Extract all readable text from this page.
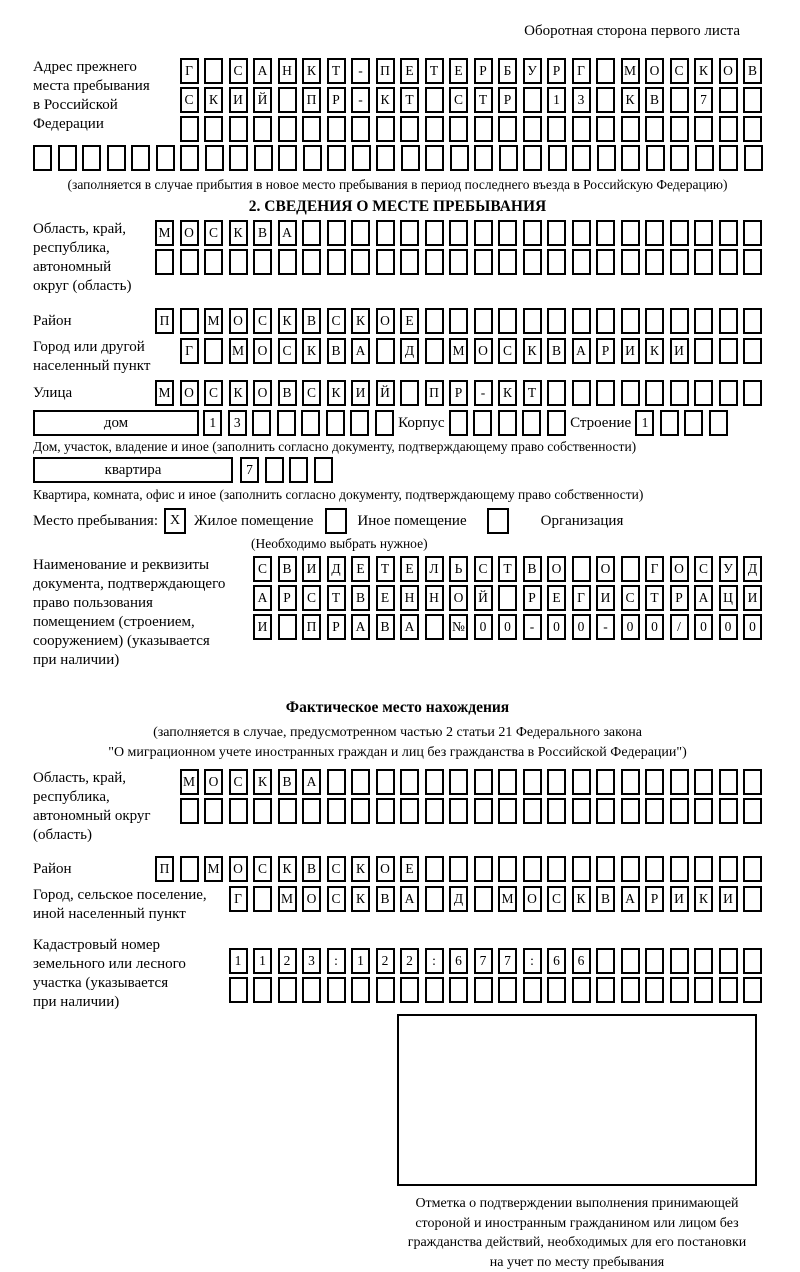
Оборотная сторона первого листа
Адрес прежнего
места пребывания
в Российской
Федерации
Г	С	А	Н	К	Т	-	П	Е	Т	Е	Р	Б	У	Р	Г	М	О	С	К	О	В
С	К	И	Й	П	Р	-	К	Т	С	Т	Р	1	3	К	В	7
(заполняется в случае прибытия в новое место пребывания в период последнего въезда в Российскую Федерацию)
2. СВЕДЕНИЯ О МЕСТЕ ПРЕБЫВАНИЯ
Область, край,
республика,
автономный
округ (область)
М	О	С	К	В	А
Район	П	М	О	С	К	В	С	К	О	Е
Город или другой
населенный пункт
Г	М	О	С	К	В	А	Д	М	О	С	К	В	А	Р	И	К	И
Улица	М	О	С	К	О	В	С	К	И	Й	П	Р	-	К	Т
дом	1	3	Корпус	Строение 1
Дом, участок, владение и иное (заполнить согласно документу, подтверждающему право собственности)
квартира	7
Квартира, комната, офис и иное (заполнить согласно документу, подтверждающему право собственности)
Место пребывания: X Жилое помещение	Иное помещение	Организация
(Необходимо выбрать нужное)
Наименование и реквизиты
документа, подтверждающего
право пользования
помещением (строением,
сооружением) (указывается
при наличии)
С	В	И	Д	Е	Т	Е	Л	Ь	С	Т	В	О	О	Г	О	С	У	Д
А	Р	С	Т	В	Е	Н	Н	О	Й	Р	Е	Г	И	С	Т	Р	А	Ц	И
И	П	Р	А	В	А	№	0	0	-	0	0	-	0	0	/	0	0	0
Фактическое место нахождения
(заполняется в случае, предусмотренном частью 2 статьи 21 Федерального закона
"О миграционном учете иностранных граждан и лиц без гражданства в Российской Федерации")
Область, край,
республика,
автономный округ
(область)
М	О	С	К	В	А
Район	П	М	О	С	К	В	С	К	О	Е
Город, сельское поселение,
иной населенный пункт
Г	М	О	С	К	В	А	Д	М	О	С	К	В	А	Р	И	К	И
Кадастровый номер
земельного или лесного
участка (указывается
при наличии)
1	1	2	3	:	1	2	2	:	6	7	7	:	6	6
Отметка о подтверждении выполнения принимающей
стороной и иностранным гражданином или лицом без
гражданства действий, необходимых для его постановки
на учет по месту пребывания
